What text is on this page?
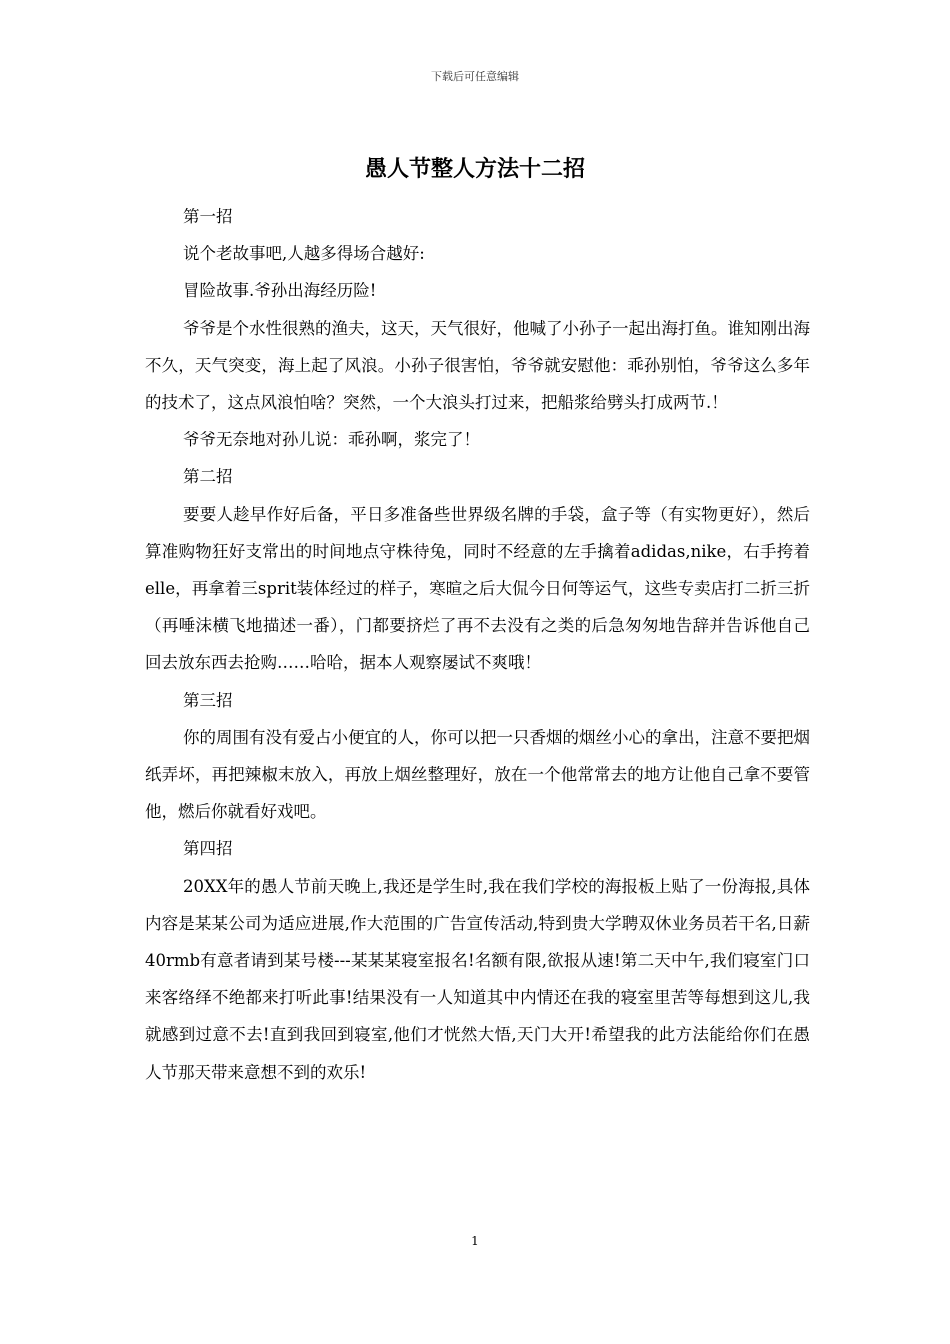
下载后可任意编辑
愚人节整人方法十二招

第一招

说个老故事吧,人越多得场合越好:

冒险故事.爷孙出海经历险!

爷爷是个水性很熟的渔夫，这天，天气很好，他喊了小孙子一起出海打鱼。谁知刚出海不久，天气突变，海上起了风浪。小孙子很害怕，爷爷就安慰他：乖孙别怕，爷爷这么多年的技术了，这点风浪怕啥？突然，一个大浪头打过来，把船浆给劈头打成两节.！

爷爷无奈地对孙儿说：乖孙啊，浆完了！

第二招

要要人趁早作好后备，平日多准备些世界级名牌的手袋，盒子等（有实物更好），然后算准购物狂好支常出的时间地点守株待兔，同时不经意的左手擒着adidas,nike，右手挎着elle，再拿着三sprit装体经过的样子，寒暄之后大侃今日何等运气，这些专卖店打二折三折（再唾沫横飞地描述一番），门都要挤烂了再不去没有之类的后急匆匆地告辞并告诉他自己回去放东西去抢购……哈哈，据本人观察屡试不爽哦！

第三招

你的周围有没有爱占小便宜的人，你可以把一只香烟的烟丝小心的拿出，注意不要把烟纸弄坏，再把辣椒末放入，再放上烟丝整理好，放在一个他常常去的地方让他自己拿不要管他，燃后你就看好戏吧。

第四招

20XX年的愚人节前天晚上,我还是学生时,我在我们学校的海报板上贴了一份海报,具体内容是某某公司为适应进展,作大范围的广告宣传活动,特到贵大学聘双休业务员若干名,日薪40rmb有意者请到某号楼---某某某寝室报名!名额有限,欲报从速!第二天中午,我们寝室门口来客络绎不绝都来打听此事!结果没有一人知道其中内情还在我的寝室里苦等每想到这儿,我就感到过意不去!直到我回到寝室,他们才恍然大悟,天门大开!希望我的此方法能给你们在愚人节那天带来意想不到的欢乐!

1
